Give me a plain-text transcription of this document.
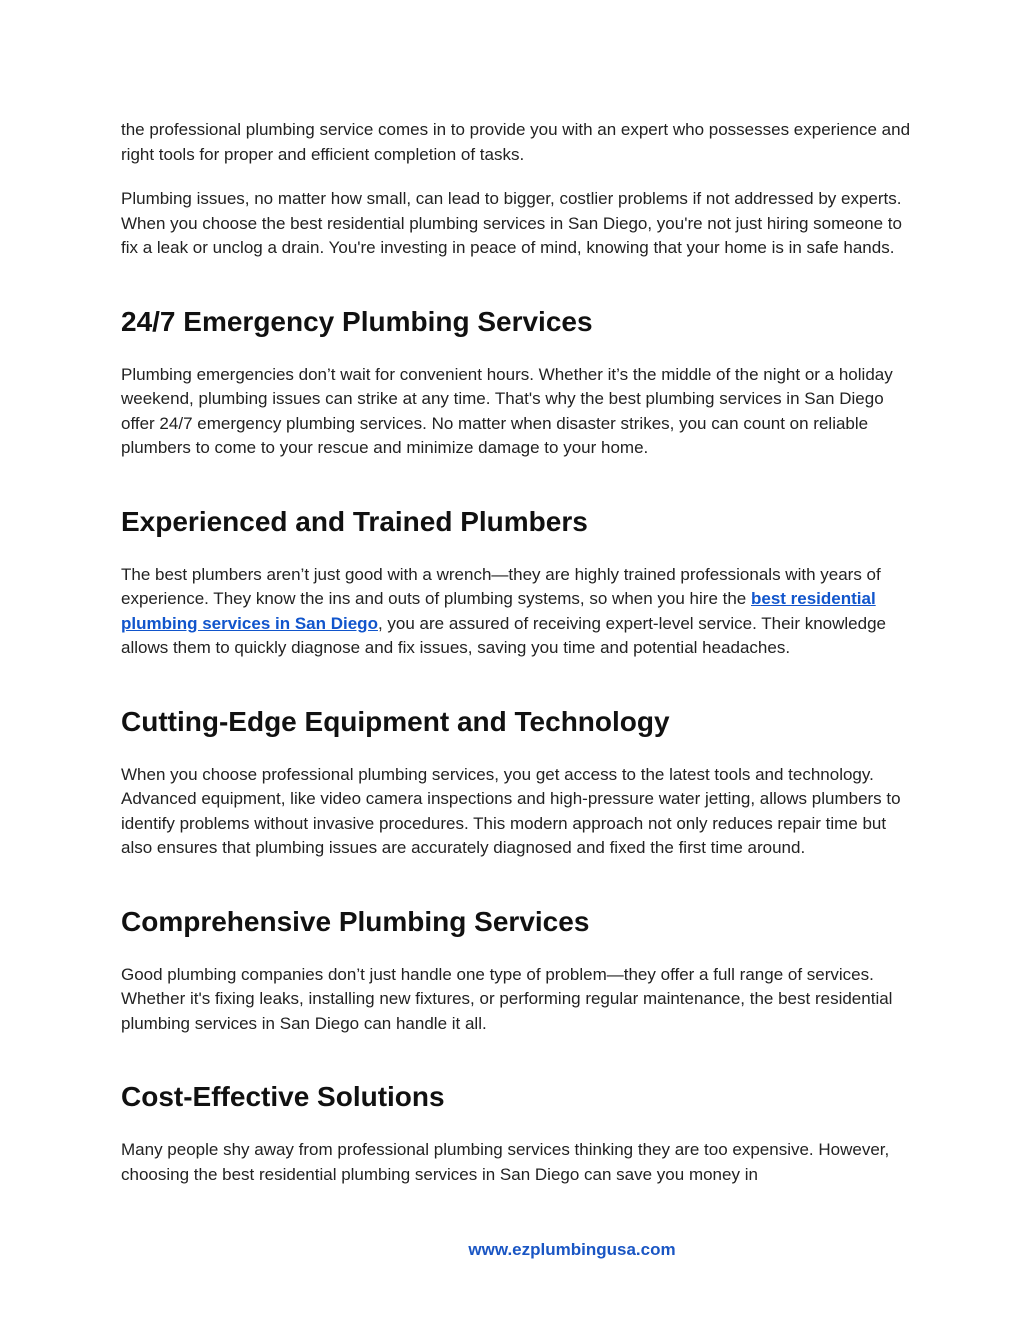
the professional plumbing service comes in to provide you with an expert who possesses experience and right tools for proper and efficient completion of tasks.

Plumbing issues, no matter how small, can lead to bigger, costlier problems if not addressed by experts. When you choose the best residential plumbing services in San Diego, you're not just hiring someone to fix a leak or unclog a drain. You're investing in peace of mind, knowing that your home is in safe hands.

24/7 Emergency Plumbing Services

Plumbing emergencies don’t wait for convenient hours. Whether it’s the middle of the night or a holiday weekend, plumbing issues can strike at any time. That's why the best plumbing services in San Diego offer 24/7 emergency plumbing services. No matter when disaster strikes, you can count on reliable plumbers to come to your rescue and minimize damage to your home.

Experienced and Trained Plumbers

The best plumbers aren’t just good with a wrench—they are highly trained professionals with years of experience. They know the ins and outs of plumbing systems, so when you hire the best residential plumbing services in San Diego, you are assured of receiving expert-level service. Their knowledge allows them to quickly diagnose and fix issues, saving you time and potential headaches.

Cutting-Edge Equipment and Technology

When you choose professional plumbing services, you get access to the latest tools and technology. Advanced equipment, like video camera inspections and high-pressure water jetting, allows plumbers to identify problems without invasive procedures. This modern approach not only reduces repair time but also ensures that plumbing issues are accurately diagnosed and fixed the first time around.

Comprehensive Plumbing Services

Good plumbing companies don’t just handle one type of problem—they offer a full range of services. Whether it's fixing leaks, installing new fixtures, or performing regular maintenance, the best residential plumbing services in San Diego can handle it all.

Cost-Effective Solutions

Many people shy away from professional plumbing services thinking they are too expensive. However, choosing the best residential plumbing services in San Diego can save you money in

www.ezplumbingusa.com
